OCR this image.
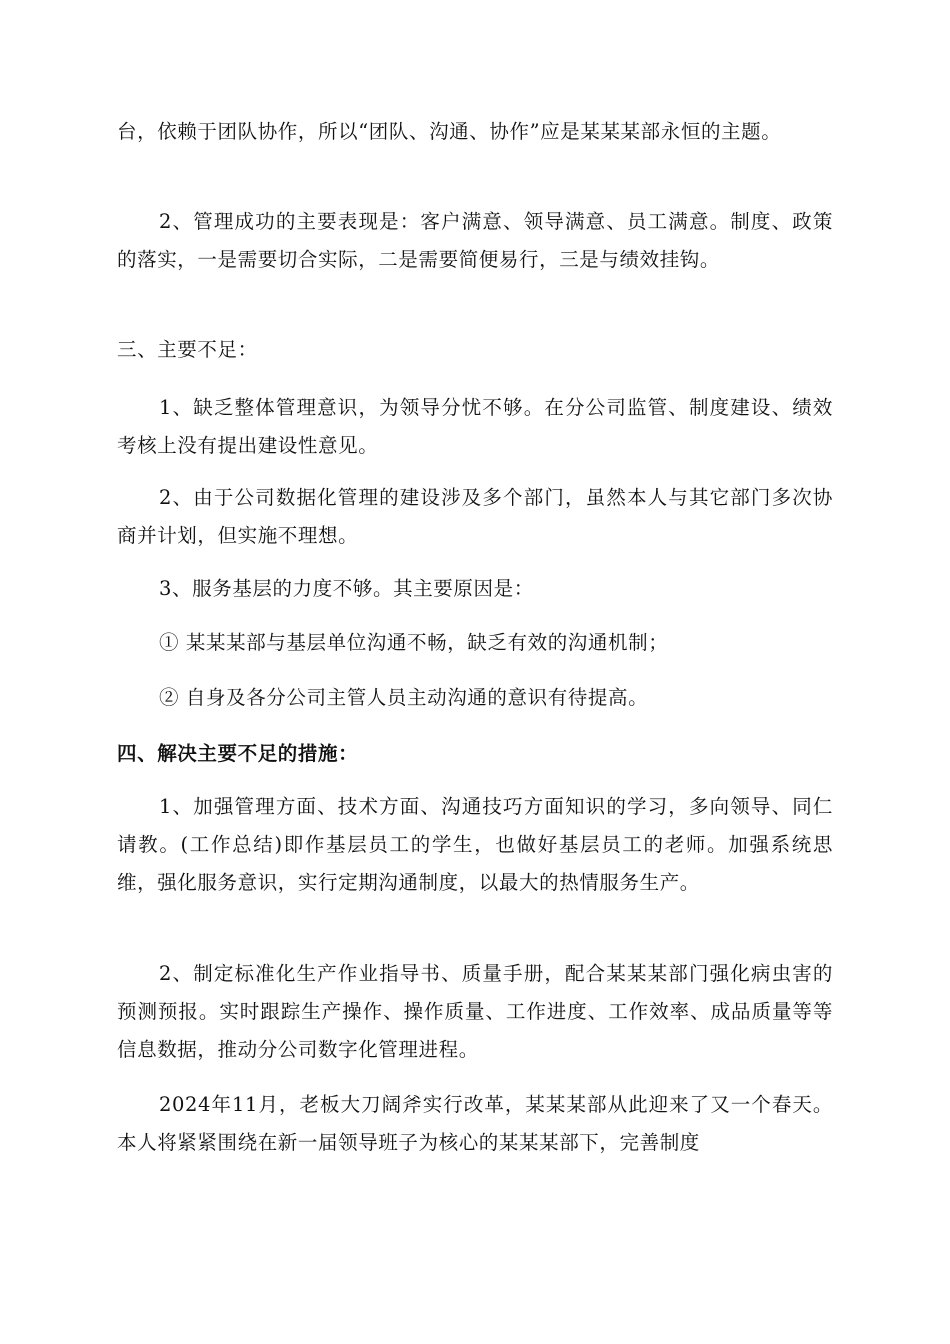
台，依赖于团队协作，所以“团队、沟通、协作”应是某某某部永恒的主题。

2、管理成功的主要表现是：客户满意、领导满意、员工满意。制度、政策的落实，一是需要切合实际，二是需要简便易行，三是与绩效挂钩。

三、主要不足：

1、缺乏整体管理意识，为领导分忧不够。在分公司监管、制度建设、绩效考核上没有提出建设性意见。

2、由于公司数据化管理的建设涉及多个部门，虽然本人与其它部门多次协商并计划，但实施不理想。

3、服务基层的力度不够。其主要原因是：

① 某某某部与基层单位沟通不畅，缺乏有效的沟通机制；

② 自身及各分公司主管人员主动沟通的意识有待提高。

四、解决主要不足的措施：

1、加强管理方面、技术方面、沟通技巧方面知识的学习，多向领导、同仁请教。(工作总结)即作基层员工的学生，也做好基层员工的老师。加强系统思维，强化服务意识，实行定期沟通制度，以最大的热情服务生产。

2、制定标准化生产作业指导书、质量手册，配合某某某部门强化病虫害的预测预报。实时跟踪生产操作、操作质量、工作进度、工作效率、成品质量等等信息数据，推动分公司数字化管理进程。

2024年11月，老板大刀阔斧实行改革，某某某部从此迎来了又一个春天。本人将紧紧围绕在新一届领导班子为核心的某某某部下，完善制度
